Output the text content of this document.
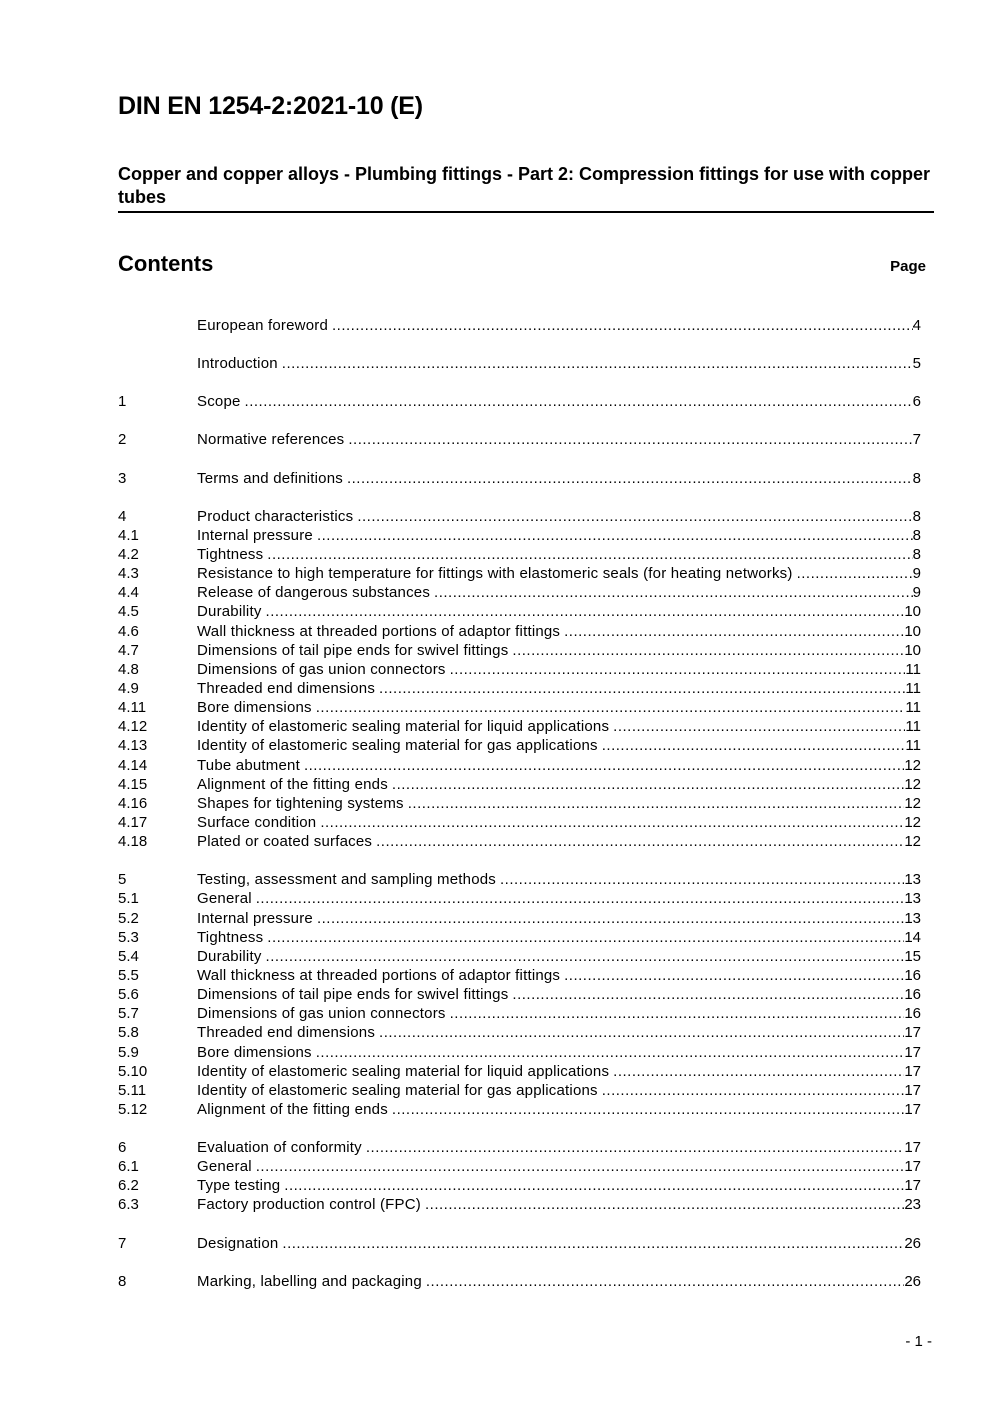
DIN EN 1254-2:2021-10 (E)
Copper and copper alloys - Plumbing fittings - Part 2: Compression fittings for use with copper tubes
Contents	Page
European foreword .....	4
Introduction .....	5
1	Scope .....	6
2	Normative references .....	7
3	Terms and definitions .....	8
4	Product characteristics .....	8
4.1	Internal pressure .....	8
4.2	Tightness .....	8
4.3	Resistance to high temperature for fittings with elastomeric seals (for heating networks) .....	9
4.4	Release of dangerous substances .....	9
4.5	Durability .....	10
4.6	Wall thickness at threaded portions of adaptor fittings .....	10
4.7	Dimensions of tail pipe ends for swivel fittings .....	10
4.8	Dimensions of gas union connectors .....	11
4.9	Threaded end dimensions .....	11
4.11	Bore dimensions .....	11
4.12	Identity of elastomeric sealing material for liquid applications .....	11
4.13	Identity of elastomeric sealing material for gas applications .....	11
4.14	Tube abutment .....	12
4.15	Alignment of the fitting ends .....	12
4.16	Shapes for tightening systems .....	12
4.17	Surface condition .....	12
4.18	Plated or coated surfaces .....	12
5	Testing, assessment and sampling methods .....	13
5.1	General .....	13
5.2	Internal pressure .....	13
5.3	Tightness .....	14
5.4	Durability .....	15
5.5	Wall thickness at threaded portions of adaptor fittings .....	16
5.6	Dimensions of tail pipe ends for swivel fittings .....	16
5.7	Dimensions of gas union connectors .....	16
5.8	Threaded end dimensions .....	17
5.9	Bore dimensions .....	17
5.10	Identity of elastomeric sealing material for liquid applications .....	17
5.11	Identity of elastomeric sealing material for gas applications .....	17
5.12	Alignment of the fitting ends .....	17
6	Evaluation of conformity .....	17
6.1	General .....	17
6.2	Type testing .....	17
6.3	Factory production control (FPC) .....	23
7	Designation .....	26
8	Marking, labelling and packaging .....	26
- 1 -
